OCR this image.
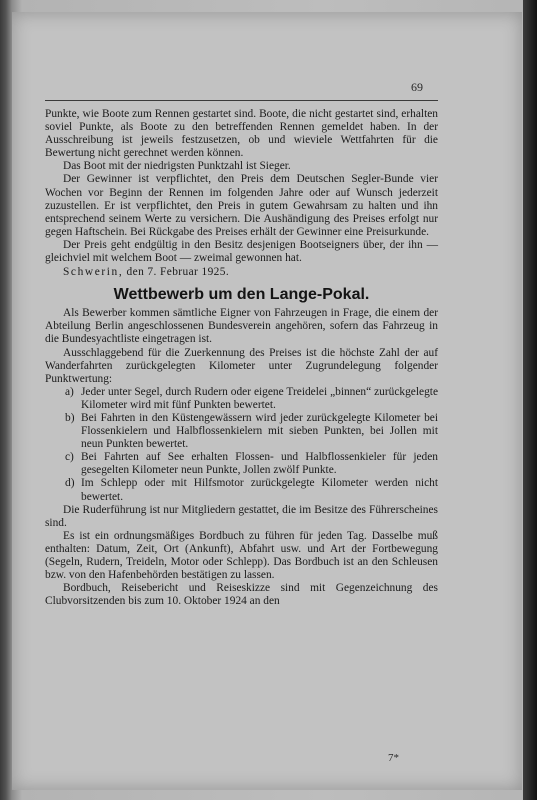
69

Punkte, wie Boote zum Rennen gestartet sind. Boote, die nicht gestartet sind, erhalten soviel Punkte, als Boote zu den betreffenden Rennen gemeldet haben. In der Ausschreibung ist jeweils festzusetzen, ob und wieviele Wettfahrten für die Bewertung nicht gerechnet werden können.

Das Boot mit der niedrigsten Punktzahl ist Sieger.

Der Gewinner ist verpflichtet, den Preis dem Deutschen Segler-Bunde vier Wochen vor Beginn der Rennen im folgenden Jahre oder auf Wunsch jederzeit zuzustellen. Er ist verpflichtet, den Preis in gutem Gewahrsam zu halten und ihn entsprechend seinem Werte zu versichern. Die Aushändigung des Preises erfolgt nur gegen Haftschein. Bei Rückgabe des Preises erhält der Gewinner eine Preisurkunde.

Der Preis geht endgültig in den Besitz desjenigen Bootseigners über, der ihn — gleichviel mit welchem Boot — zweimal gewonnen hat.

Schwerin, den 7. Februar 1925.

Wettbewerb um den Lange-Pokal.

Als Bewerber kommen sämtliche Eigner von Fahrzeugen in Frage, die einem der Abteilung Berlin angeschlossenen Bundesverein angehören, sofern das Fahrzeug in die Bundesyachtliste eingetragen ist.

Ausschlaggebend für die Zuerkennung des Preises ist die höchste Zahl der auf Wanderfahrten zurückgelegten Kilometer unter Zugrundelegung folgender Punktwertung:

a) Jeder unter Segel, durch Rudern oder eigene Treidelei „binnen“ zurückgelegte Kilometer wird mit fünf Punkten bewertet.
b) Bei Fahrten in den Küstengewässern wird jeder zurückgelegte Kilometer bei Flossenkielern und Halbflossenkielern mit sieben Punkten, bei Jollen mit neun Punkten bewertet.
c) Bei Fahrten auf See erhalten Flossen- und Halbflossenkieler für jeden gesegelten Kilometer neun Punkte, Jollen zwölf Punkte.
d) Im Schlepp oder mit Hilfsmotor zurückgelegte Kilometer werden nicht bewertet.

Die Ruderführung ist nur Mitgliedern gestattet, die im Besitze des Führerscheines sind.

Es ist ein ordnungsmäßiges Bordbuch zu führen für jeden Tag. Dasselbe muß enthalten: Datum, Zeit, Ort (Ankunft), Abfahrt usw. und Art der Fortbewegung (Segeln, Rudern, Treideln, Motor oder Schlepp). Das Bordbuch ist an den Schleusen bzw. von den Hafenbehörden bestätigen zu lassen.

Bordbuch, Reisebericht und Reiseskizze sind mit Gegenzeichnung des Clubvorsitzenden bis zum 10. Oktober 1924 an den

7*
